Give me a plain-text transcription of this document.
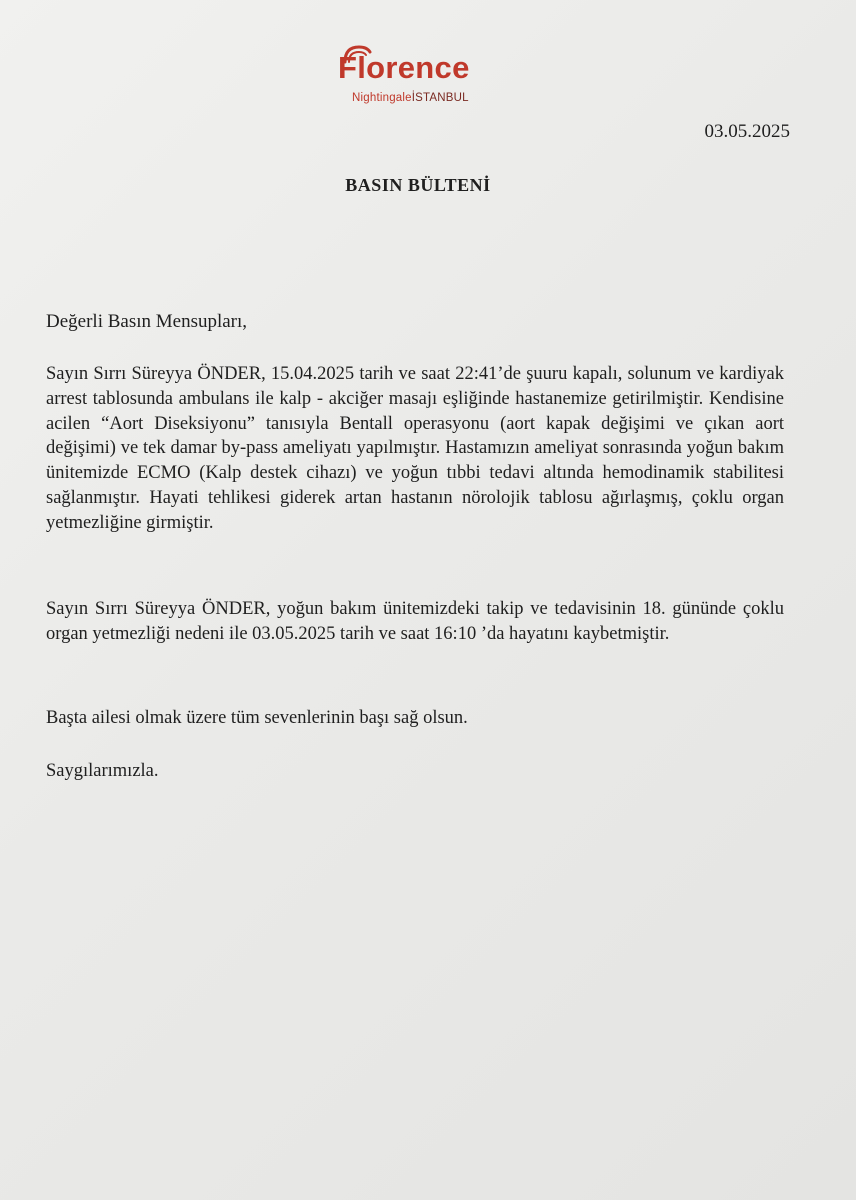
Florence
NightingaleİSTANBUL
03.05.2025
BASIN BÜLTENİ
Değerli Basın Mensupları,

Sayın Sırrı Süreyya ÖNDER, 15.04.2025 tarih ve saat 22:41’de şuuru kapalı, solunum ve kardiyak arrest tablosunda ambulans ile kalp - akciğer masajı eşliğinde hastanemize getirilmiştir. Kendisine acilen “Aort Diseksiyonu” tanısıyla Bentall operasyonu (aort kapak değişimi ve çıkan aort değişimi) ve tek damar by-pass ameliyatı yapılmıştır. Hastamızın ameliyat sonrasında yoğun bakım ünitemizde ECMO (Kalp destek cihazı) ve yoğun tıbbi tedavi altında hemodinamik stabilitesi sağlanmıştır. Hayati tehlikesi giderek artan hastanın nörolojik tablosu ağırlaşmış, çoklu organ yetmezliğine girmiştir.

Sayın Sırrı Süreyya ÖNDER, yoğun bakım ünitemizdeki takip ve tedavisinin 18. gününde çoklu organ yetmezliği nedeni ile 03.05.2025 tarih ve saat 16:10 ’da hayatını kaybetmiştir.

Başta ailesi olmak üzere tüm sevenlerinin başı sağ olsun.

Saygılarımızla.
